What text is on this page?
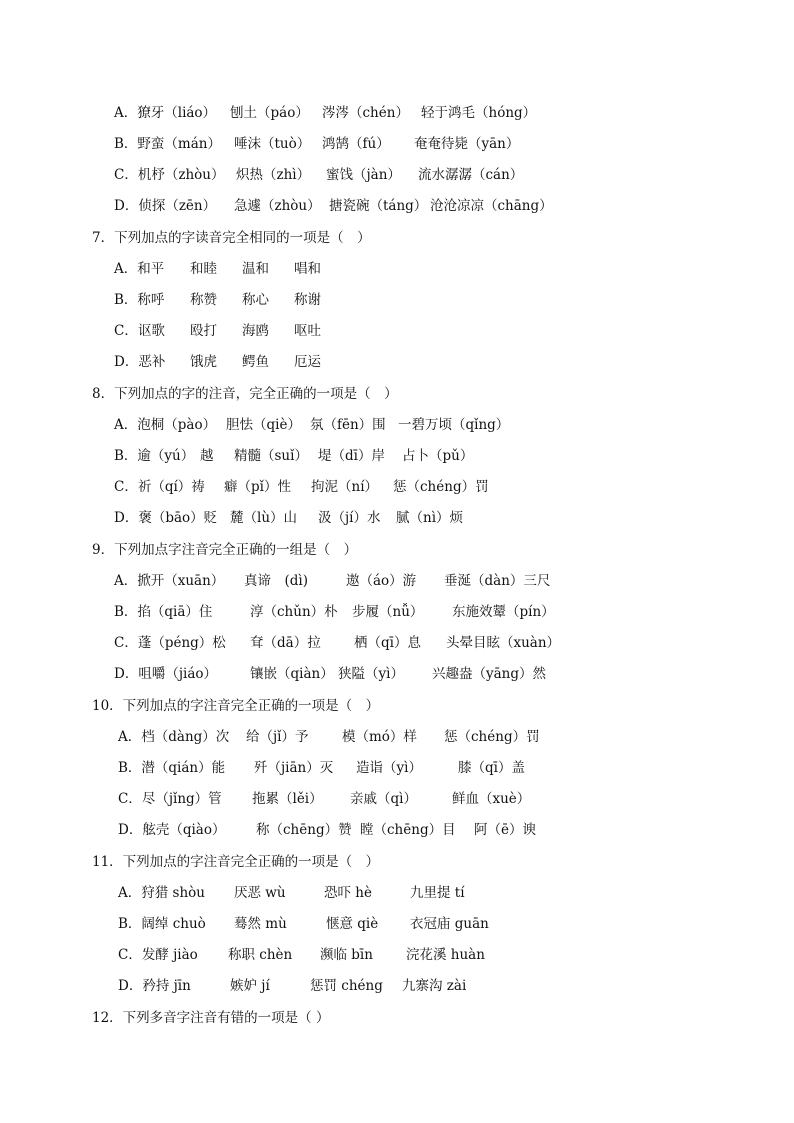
A．獠牙（liáo） 刨土（páo） 涔涔（chén） 轻于鸿毛（hóng）
B．野蛮（mán） 唾沫（tuò） 鸿鹄（fú） 奄奄待毙（yān）
C．机杼（zhòu） 炽热（zhì） 蜜饯（jàn） 流水潺潺（cán）
D．侦探（zēn） 急遽（zhòu） 搪瓷碗（táng） 沧沧凉凉（chāng）
7．下列加点的字读音完全相同的一项是（　）
A．和平 和睦 温和 唱和
B．称呼 称赞 称心 称谢
C．讴歌 殴打 海鸥 呕吐
D．恶补 饿虎 鳄鱼 厄运
8．下列加点的字的注音，完全正确的一项是（　）
A．泡桐（pào） 胆怯（qiè） 氛（fēn）围 一碧万顷（qǐng）
B．逾（yú） 越 精髓（suǐ） 堤（dī）岸 占卜（pǔ）
C．祈（qí）祷 癖（pǐ）性 拘泥（ní） 惩（chéng）罚
D．褒（bāo）贬 麓（lù）山 汲（jí）水 腻（nì）烦
9．下列加点字注音完全正确的一组是（　）
A．掀开（xuān） 真谛　(dì)	遨（áo）游 垂涎（dàn）三尺
B．掐（qiā）住	淳（chǔn）朴 步履（nǚ） 东施效颦（pín）
C．蓬（péng）松 耷（dā）拉 栖（qī）息 头晕目眩（xuàn）
D．咀嚼（jiáo） 镶嵌（qiàn） 狭隘（yì） 兴趣盎（yāng）然
10．下列加点的字注音完全正确的一项是（　）
A．档（dàng）次 给（jǐ）予 模（mó）样 惩（chéng）罚
B．潜（qián）能 歼（jiān）灭 造诣（yì）	膝（qī）盖
C．尽（jǐng）管 拖累（lěi） 亲戚（qì）	鲜血（xuè）
D．舷壳（qiào） 称（chēng）赞 瞠（chēng）目 阿（ē）谀
11．下列加点的字注音完全正确的一项是（　）
A．狩猎 shòu 厌恶 wù	恐吓 hè	九里提 tí
B．阔绰 chuò 蓦然 mù	惬意 qiè 衣冠庙 guān
C．发酵 jiào 称职 chèn 濒临 bīn 浣花溪 huàn
D．矜持 jīn	嫉妒 jí	惩罚 chéng 九寨沟 zài
12．下列多音字注音有错的一项是（ ）
